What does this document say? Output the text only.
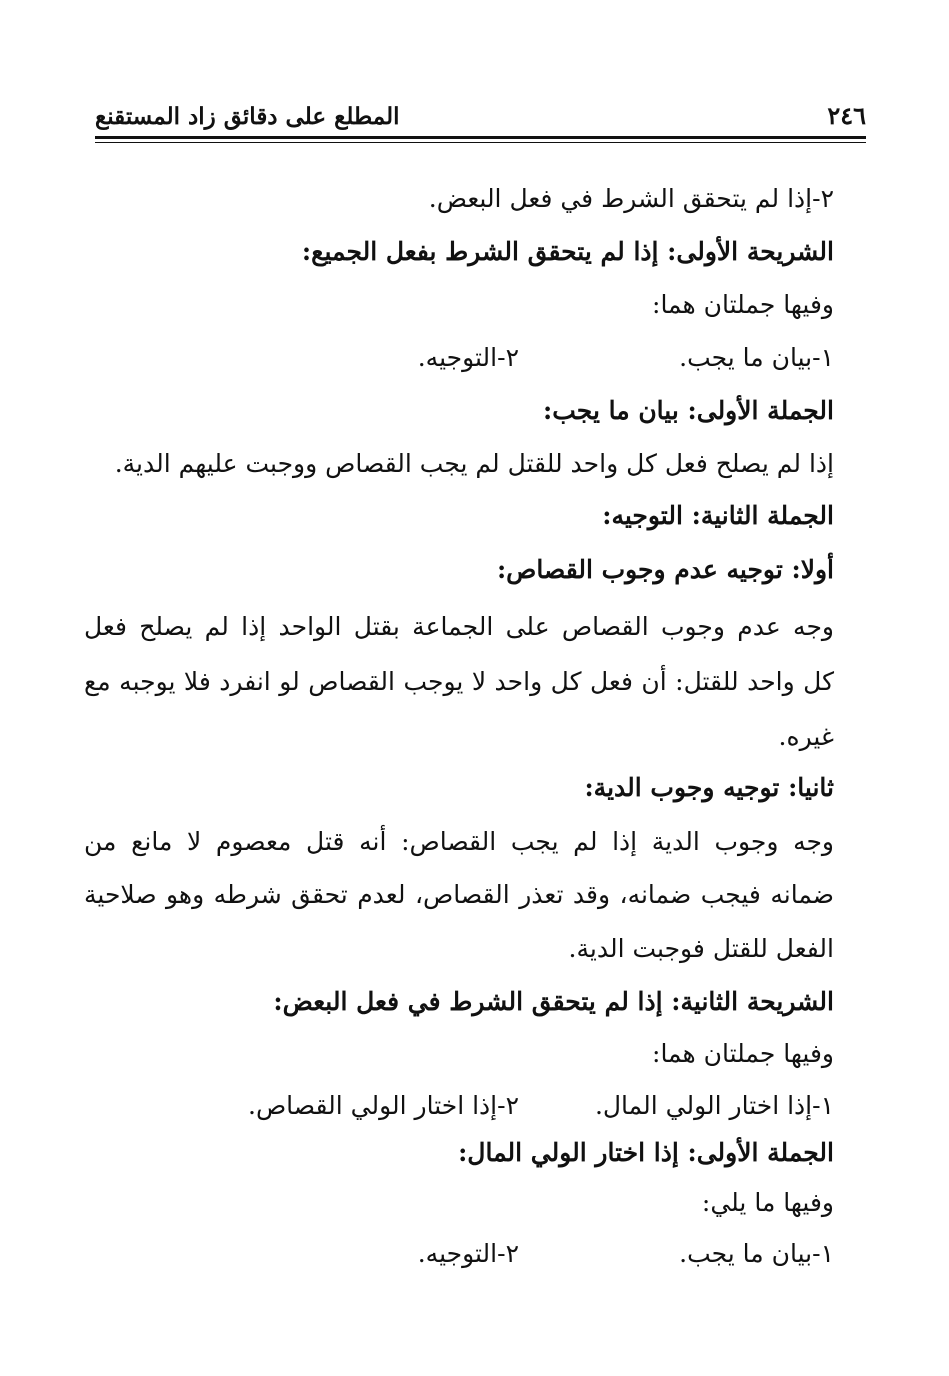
٢٤٦
المطلع على دقائق زاد المستقنع
٢-إذا لم يتحقق الشرط في فعل البعض.
الشريحة الأولى: إذا لم يتحقق الشرط بفعل الجميع:
وفيها جملتان هما:
١-بيان ما يجب.
٢-التوجيه.
الجملة الأولى: بيان ما يجب:
إذا لم يصلح فعل كل واحد للقتل لم يجب القصاص ووجبت عليهم الدية.
الجملة الثانية: التوجيه:
أولا: توجيه عدم وجوب القصاص:
وجه عدم وجوب القصاص على الجماعة بقتل الواحد إذا لم يصلح فعل
كل واحد للقتل: أن فعل كل واحد لا يوجب القصاص لو انفرد فلا يوجبه مع
غيره.
ثانيا: توجيه وجوب الدية:
وجه وجوب الدية إذا لم يجب القصاص: أنه قتل معصوم لا مانع من
ضمانه فيجب ضمانه، وقد تعذر القصاص، لعدم تحقق شرطه وهو صلاحية
الفعل للقتل فوجبت الدية.
الشريحة الثانية: إذا لم يتحقق الشرط في فعل البعض:
وفيها جملتان هما:
١-إذا اختار الولي المال.
٢-إذا اختار الولي القصاص.
الجملة الأولى: إذا اختار الولي المال:
وفيها ما يلي:
١-بيان ما يجب.
٢-التوجيه.
